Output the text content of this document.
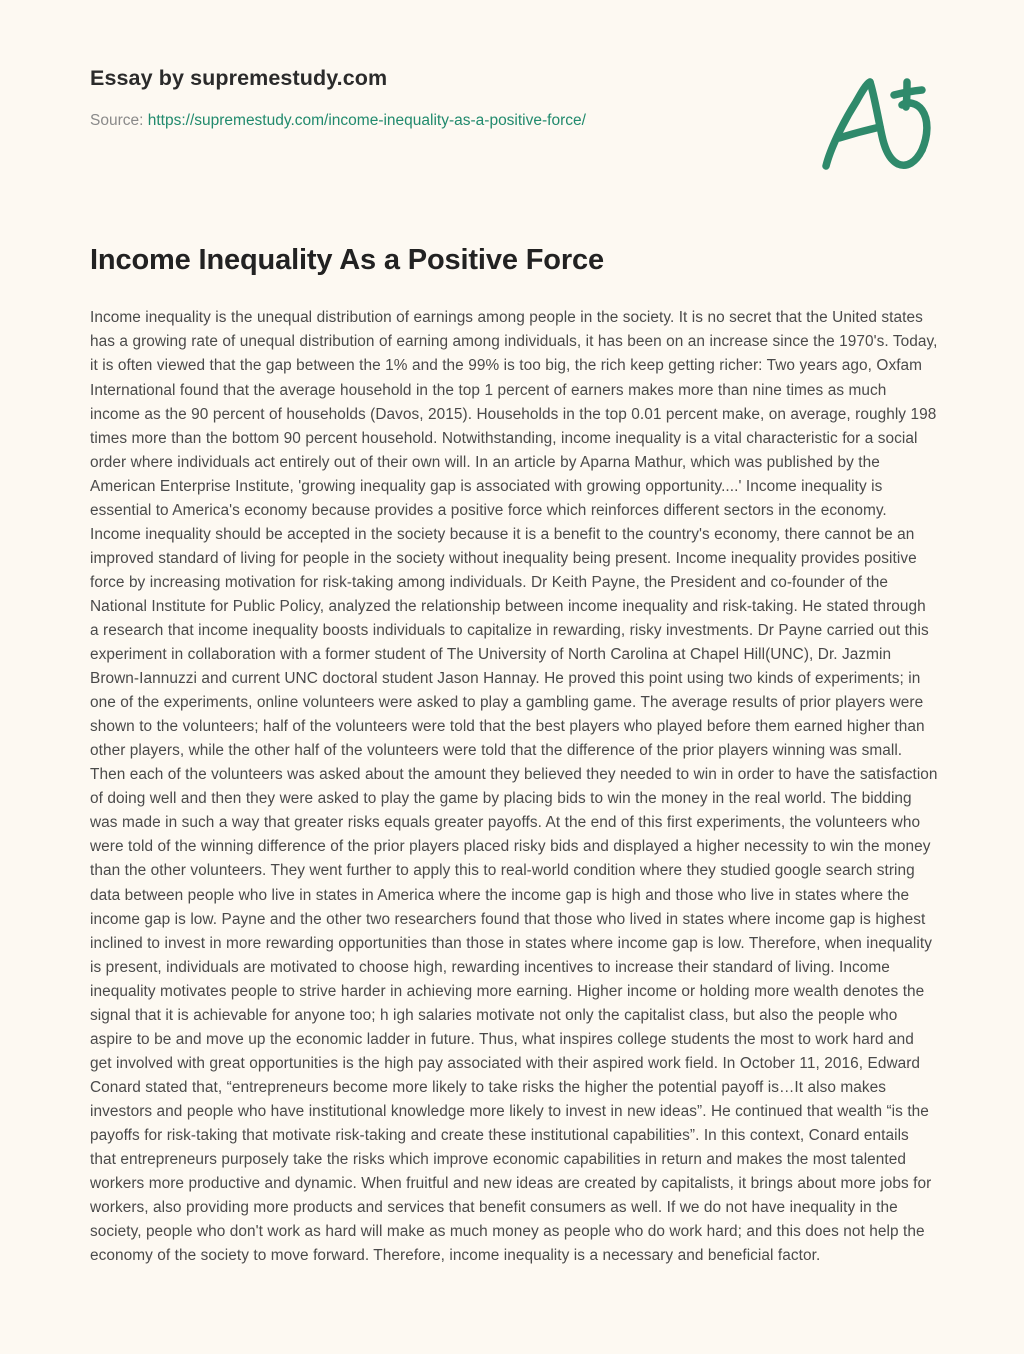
Essay by supremestudy.com
Source: https://supremestudy.com/income-inequality-as-a-positive-force/
Income Inequality As a Positive Force

Income inequality is the unequal distribution of earnings among people in the society. It is no secret that the United states has a growing rate of unequal distribution of earning among individuals, it has been on an increase since the 1970's. Today, it is often viewed that the gap between the 1% and the 99% is too big, the rich keep getting richer: Two years ago, Oxfam International found that the average household in the top 1 percent of earners makes more than nine times as much income as the 90 percent of households (Davos, 2015). Households in the top 0.01 percent make, on average, roughly 198 times more than the bottom 90 percent household. Notwithstanding, income inequality is a vital characteristic for a social order where individuals act entirely out of their own will. In an article by Aparna Mathur, which was published by the American Enterprise Institute, 'growing inequality gap is associated with growing opportunity....' Income inequality is essential to America's economy because provides a positive force which reinforces different sectors in the economy. Income inequality should be accepted in the society because it is a benefit to the country's economy, there cannot be an improved standard of living for people in the society without inequality being present. Income inequality provides positive force by increasing motivation for risk-taking among individuals. Dr Keith Payne, the President and co-founder of the National Institute for Public Policy, analyzed the relationship between income inequality and risk-taking. He stated through a research that income inequality boosts individuals to capitalize in rewarding, risky investments. Dr Payne carried out this experiment in collaboration with a former student of The University of North Carolina at Chapel Hill(UNC), Dr. Jazmin Brown-Iannuzzi and current UNC doctoral student Jason Hannay. He proved this point using two kinds of experiments; in one of the experiments, online volunteers were asked to play a gambling game. The average results of prior players were shown to the volunteers; half of the volunteers were told that the best players who played before them earned higher than other players, while the other half of the volunteers were told that the difference of the prior players winning was small. Then each of the volunteers was asked about the amount they believed they needed to win in order to have the satisfaction of doing well and then they were asked to play the game by placing bids to win the money in the real world. The bidding was made in such a way that greater risks equals greater payoffs. At the end of this first experiments, the volunteers who were told of the winning difference of the prior players placed risky bids and displayed a higher necessity to win the money than the other volunteers. They went further to apply this to real-world condition where they studied google search string data between people who live in states in America where the income gap is high and those who live in states where the income gap is low. Payne and the other two researchers found that those who lived in states where income gap is highest inclined to invest in more rewarding opportunities than those in states where income gap is low. Therefore, when inequality is present, individuals are motivated to choose high, rewarding incentives to increase their standard of living. Income inequality motivates people to strive harder in achieving more earning. Higher income or holding more wealth denotes the signal that it is achievable for anyone too; h igh salaries motivate not only the capitalist class, but also the people who aspire to be and move up the economic ladder in future. Thus, what inspires college students the most to work hard and get involved with great opportunities is the high pay associated with their aspired work field. In October 11, 2016, Edward Conard stated that, “entrepreneurs become more likely to take risks the higher the potential payoff is…It also makes investors and people who have institutional knowledge more likely to invest in new ideas”. He continued that wealth “is the payoffs for risk-taking that motivate risk-taking and create these institutional capabilities”. In this context, Conard entails that entrepreneurs purposely take the risks which improve economic capabilities in return and makes the most talented workers more productive and dynamic. When fruitful and new ideas are created by capitalists, it brings about more jobs for workers, also providing more products and services that benefit consumers as well. If we do not have inequality in the society, people who don't work as hard will make as much money as people who do work hard; and this does not help the economy of the society to move forward. Therefore, income inequality is a necessary and beneficial factor.
